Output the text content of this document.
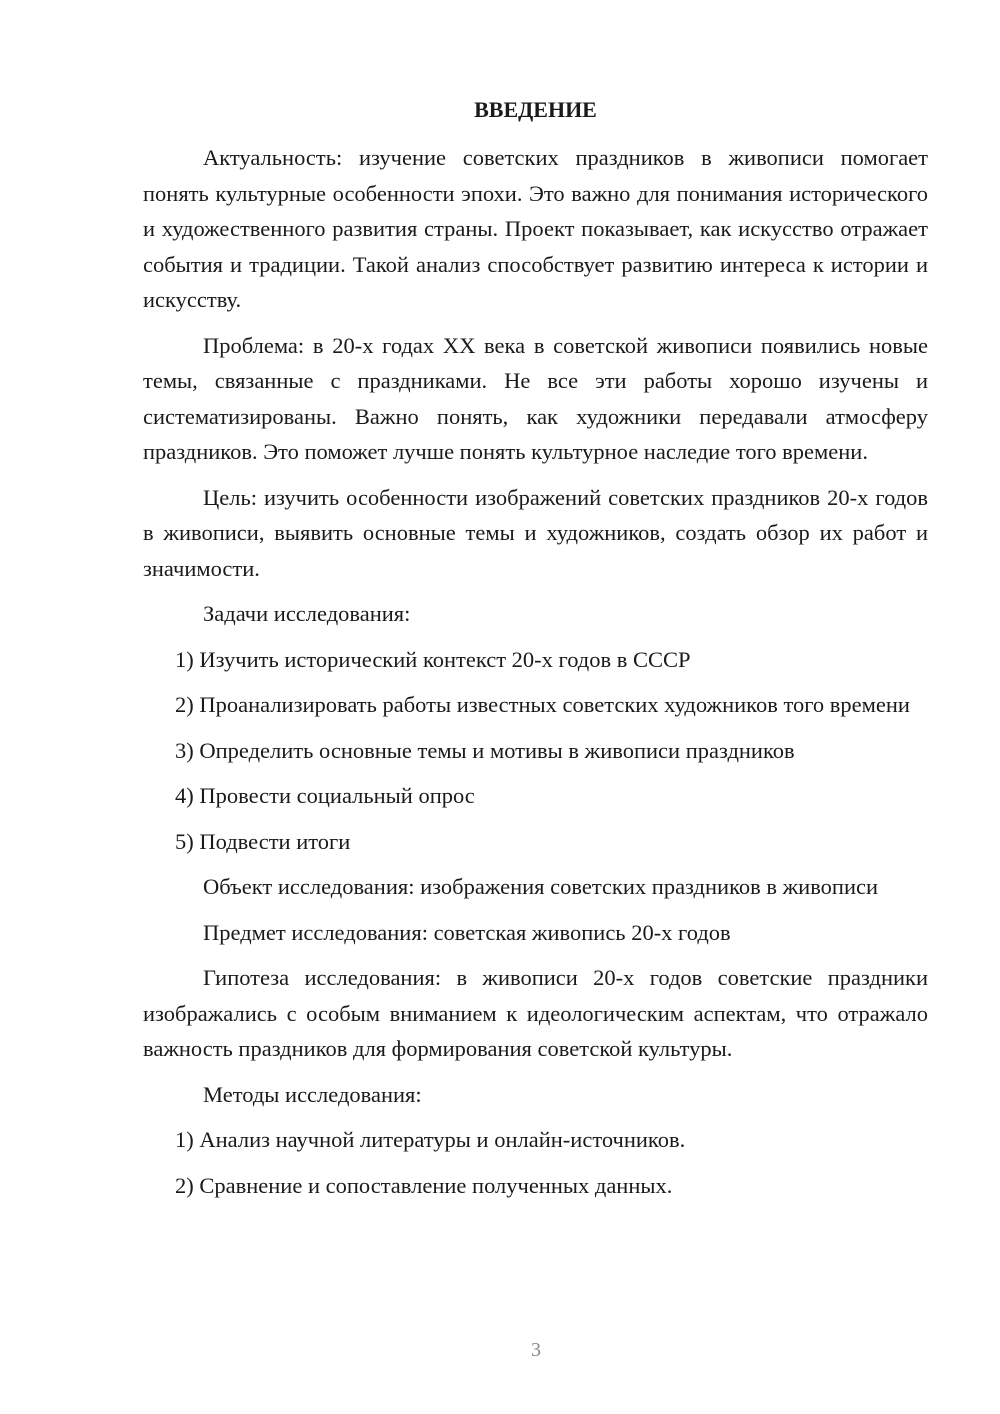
ВВЕДЕНИЕ

Актуальность: изучение советских праздников в живописи помогает понять культурные особенности эпохи. Это важно для понимания исторического и художественного развития страны. Проект показывает, как искусство отражает события и традиции. Такой анализ способствует развитию интереса к истории и искусству.

Проблема: в 20-х годах XX века в советской живописи появились новые темы, связанные с праздниками. Не все эти работы хорошо изучены и систематизированы. Важно понять, как художники передавали атмосферу праздников. Это поможет лучше понять культурное наследие того времени.

Цель: изучить особенности изображений советских праздников 20-х годов в живописи, выявить основные темы и художников, создать обзор их работ и значимости.

Задачи исследования:

1) Изучить исторический контекст 20-х годов в СССР

2) Проанализировать работы известных советских художников того времени

3) Определить основные темы и мотивы в живописи праздников

4) Провести социальный опрос

5) Подвести итоги

Объект исследования: изображения советских праздников в живописи

Предмет исследования: советская живопись 20-х годов

Гипотеза исследования: в живописи 20-х годов советские праздники изображались с особым вниманием к идеологическим аспектам, что отражало важность праздников для формирования советской культуры.

Методы исследования:

1) Анализ научной литературы и онлайн-источников.

2) Сравнение и сопоставление полученных данных.

3
